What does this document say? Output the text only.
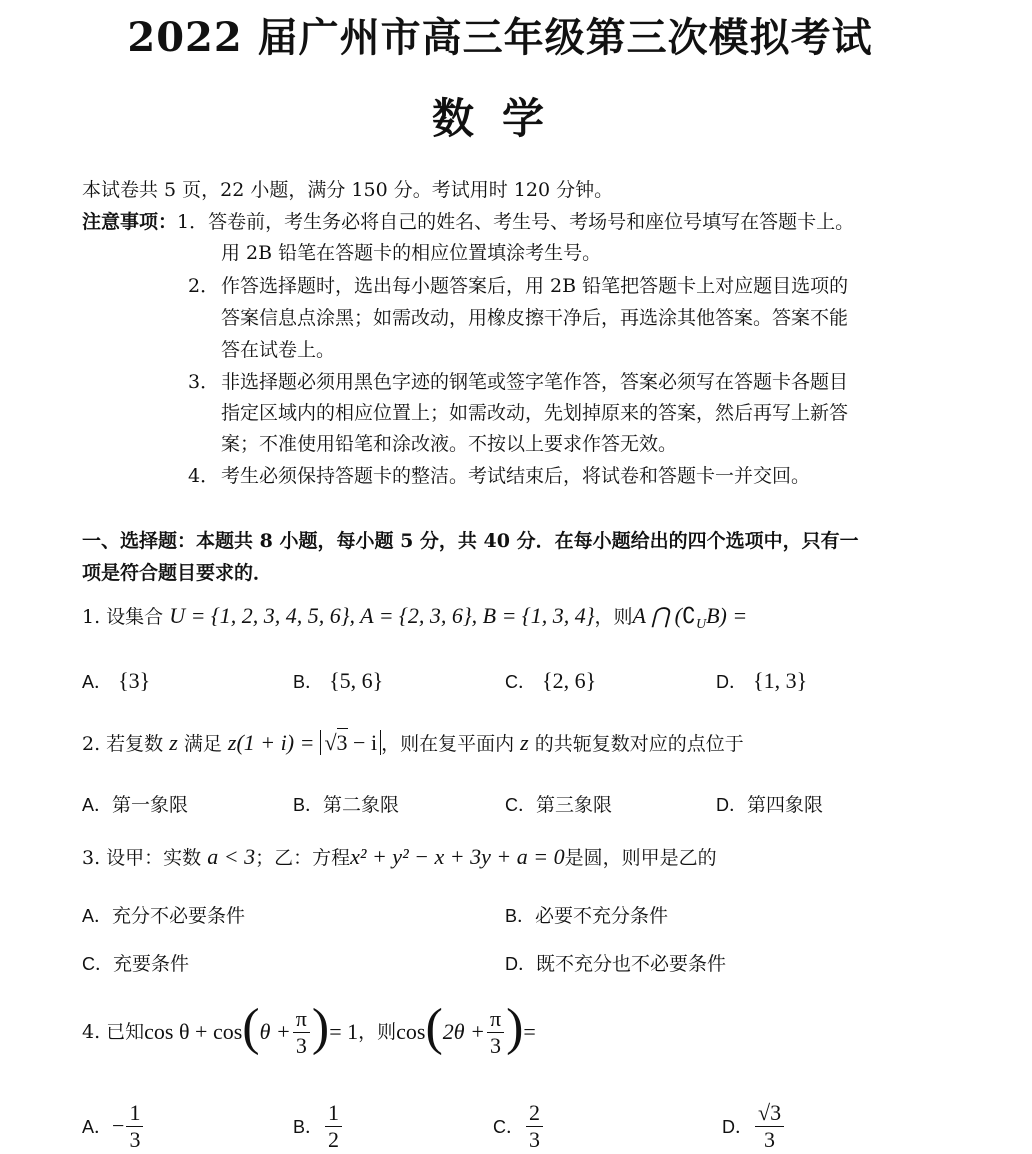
2022 届广州市高三年级第三次模拟考试
数学
本试卷共 5 页，22 小题，满分 150 分。考试用时 120 分钟。
注意事项：1．答卷前，考生务必将自己的姓名、考生号、考场号和座位号填写在答题卡上。
用 2B 铅笔在答题卡的相应位置填涂考生号。
2． 作答选择题时，选出每小题答案后，用 2B 铅笔把答题卡上对应题目选项的
答案信息点涂黑；如需改动，用橡皮擦干净后，再选涂其他答案。答案不能
答在试卷上。
3． 非选择题必须用黑色字迹的钢笔或签字笔作答，答案必须写在答题卡各题目
指定区域内的相应位置上；如需改动，先划掉原来的答案，然后再写上新答
案；不准使用铅笔和涂改液。不按以上要求作答无效。
4． 考生必须保持答题卡的整洁。考试结束后，将试卷和答题卡一并交回。
一、选择题：本题共 8 小题，每小题 5 分，共 40 分．在每小题给出的四个选项中，只有一
项是符合题目要求的．
1. 设集合 U = {1, 2, 3, 4, 5, 6}, A = {2, 3, 6}, B = {1, 3, 4}，则A ⋂ $(∁_UB)$ =
A． {3}	B． {5, 6}	C． {2, 6}	D． {1, 3}
2. 若复数 z 满足 z(1 + i) = √3 − i ，则在复平面内 z 的共轭复数对应的点位于
A．第一象限	B．第二象限	C．第三象限	D．第四象限
3. 设甲：实数 a < 3；乙：方程x² + y² − x + 3y + a = 0是圆，则甲是乙的
A．充分不必要条件	B．必要不充分条件
C．充要条件	D．既不充分也不必要条件
4. 已知 cos θ + cos ( $\theta + \frac{\pi}{3}$ ) = 1 ，则 cos ( $2\theta + \frac{\pi}{3}$ ) =
A． − $\frac{1}{3}$	B． $\frac{1}{2}$	C． $\frac{2}{3}$	D． $\frac{√3}{3}$
